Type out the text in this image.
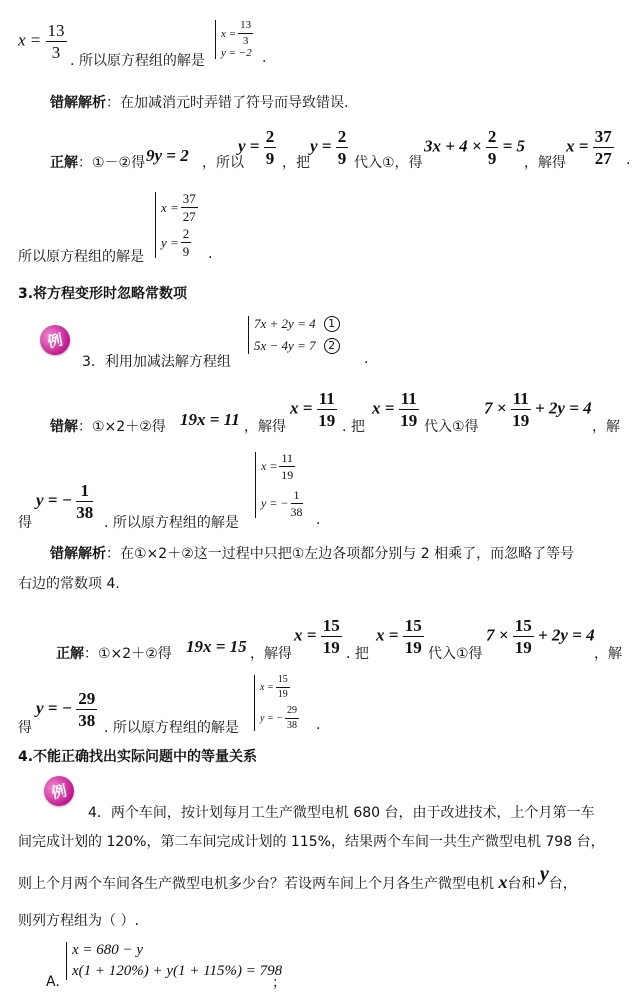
$x = \frac{13}{3}$ . 所以原方程组的解是
$x = \frac{13}{3}$
y = −2 .
错解解析：在加减消元时弄错了符号而导致错误.
正解：①－②得 9y = 2 ，所以
$y = \frac{2}{9}$ ，把
$y = \frac{2}{9}$ 代入①，得
$3x + 4 \times \frac{2}{9} = 5$
，解得
$x = \frac{37}{27}$ .
$x = \frac{37}{27}$
$y = \frac{2}{9}$
所以原方程组的解是	.
3.将方程变形时忽略常数项
例
3．利用加减法解方程组
7x + 2y = 4	1
5x − 4y = 7	2
.
错解：①×2＋②得 19x = 11 ，解得
$x = \frac{11}{19}$ . 把
$x = \frac{11}{19}$ 代入①得
$7 \times \frac{11}{19} + 2y = 4$
，解
得
y = − $\frac{1}{38}$
. 所以原方程组的解是
$x = \frac{11}{19}$
y = − $\frac{1}{38}$
.
错解解析：在①×2＋②这一过程中只把①左边各项都分别与 2 相乘了，而忽略了等号
右边的常数项 4.
正解：①×2＋②得 19x = 15 ，解得
$x = \frac{15}{19}$ . 把
$x = \frac{15}{19}$ 代入①得
$7 \times \frac{15}{19} + 2y = 4$
，解
得
y = − $\frac{29}{38}$ . 所以原方程组的解是
$x = \frac{15}{19}$
y = − $\frac{29}{38}$ .
4.不能正确找出实际问题中的等量关系
例
4．两个车间，按计划每月工生产微型电机 680 台，由于改进技术，上个月第一车
间完成计划的 120%，第二车间完成计划的 115%，结果两个车间一共生产微型电机 798 台，
则上个月两个车间各生产微型电机多少台？若设两车间上个月各生产微型电机 x台和 y台，
则列方程组为（ ）.
A.
x = 680 − y
x(1 + 120%) + y(1 + 115%) = 798
；
